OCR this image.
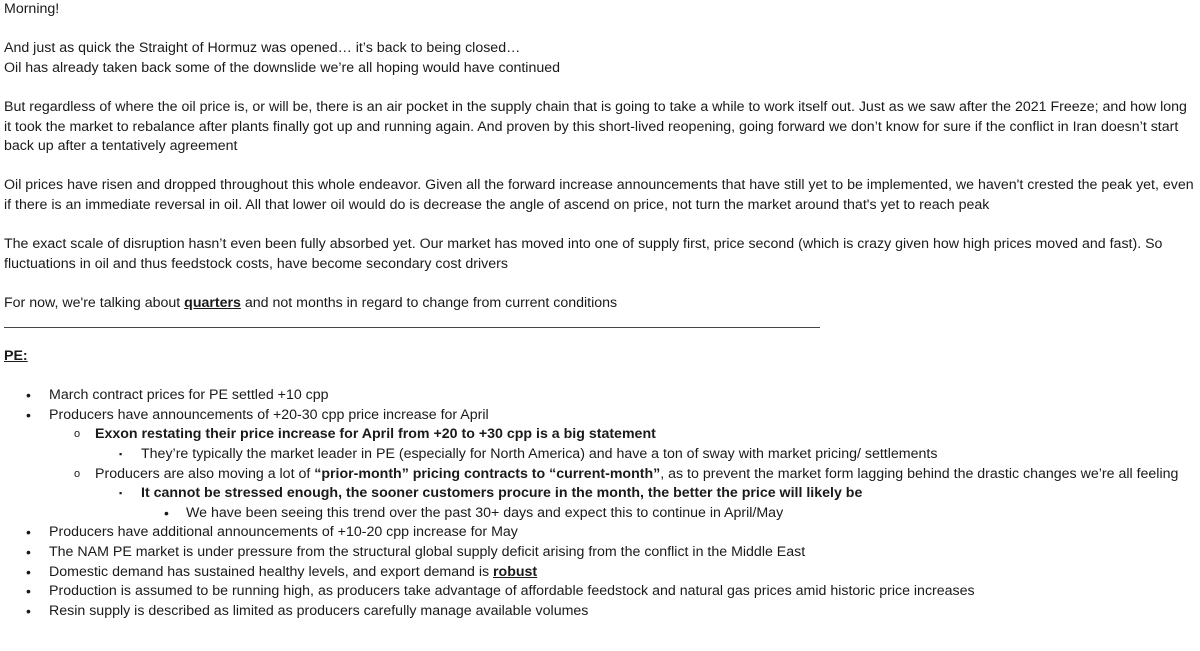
Morning!

And just as quick the Straight of Hormuz was opened… it’s back to being closed…

Oil has already taken back some of the downslide we’re all hoping would have continued

But regardless of where the oil price is, or will be, there is an air pocket in the supply chain that is going to take a while to work itself out. Just as we saw after the 2021 Freeze; and how long it took the market to rebalance after plants finally got up and running again. And proven by this short-lived reopening, going forward we don’t know for sure if the conflict in Iran doesn’t start back up after a tentatively agreement

Oil prices have risen and dropped throughout this whole endeavor. Given all the forward increase announcements that have still yet to be implemented, we haven't crested the peak yet, even if there is an immediate reversal in oil. All that lower oil would do is decrease the angle of ascend on price, not turn the market around that's yet to reach peak

The exact scale of disruption hasn’t even been fully absorbed yet. Our market has moved into one of supply first, price second (which is crazy given how high prices moved and fast). So fluctuations in oil and thus feedstock costs, have become secondary cost drivers

For now, we're talking about quarters and not months in regard to change from current conditions

PE:

• March contract prices for PE settled +10 cpp
• Producers have announcements of +20-30 cpp price increase for April
o Exxon restating their price increase for April from +20 to +30 cpp is a big statement
▪ They’re typically the market leader in PE (especially for North America) and have a ton of sway with market pricing/ settlements
o Producers are also moving a lot of “prior-month” pricing contracts to “current-month”, as to prevent the market form lagging behind the drastic changes we’re all feeling
▪ It cannot be stressed enough, the sooner customers procure in the month, the better the price will likely be
• We have been seeing this trend over the past 30+ days and expect this to continue in April/May
• Producers have additional announcements of +10-20 cpp increase for May
• The NAM PE market is under pressure from the structural global supply deficit arising from the conflict in the Middle East
• Domestic demand has sustained healthy levels, and export demand is robust
• Production is assumed to be running high, as producers take advantage of affordable feedstock and natural gas prices amid historic price increases
• Resin supply is described as limited as producers carefully manage available volumes
